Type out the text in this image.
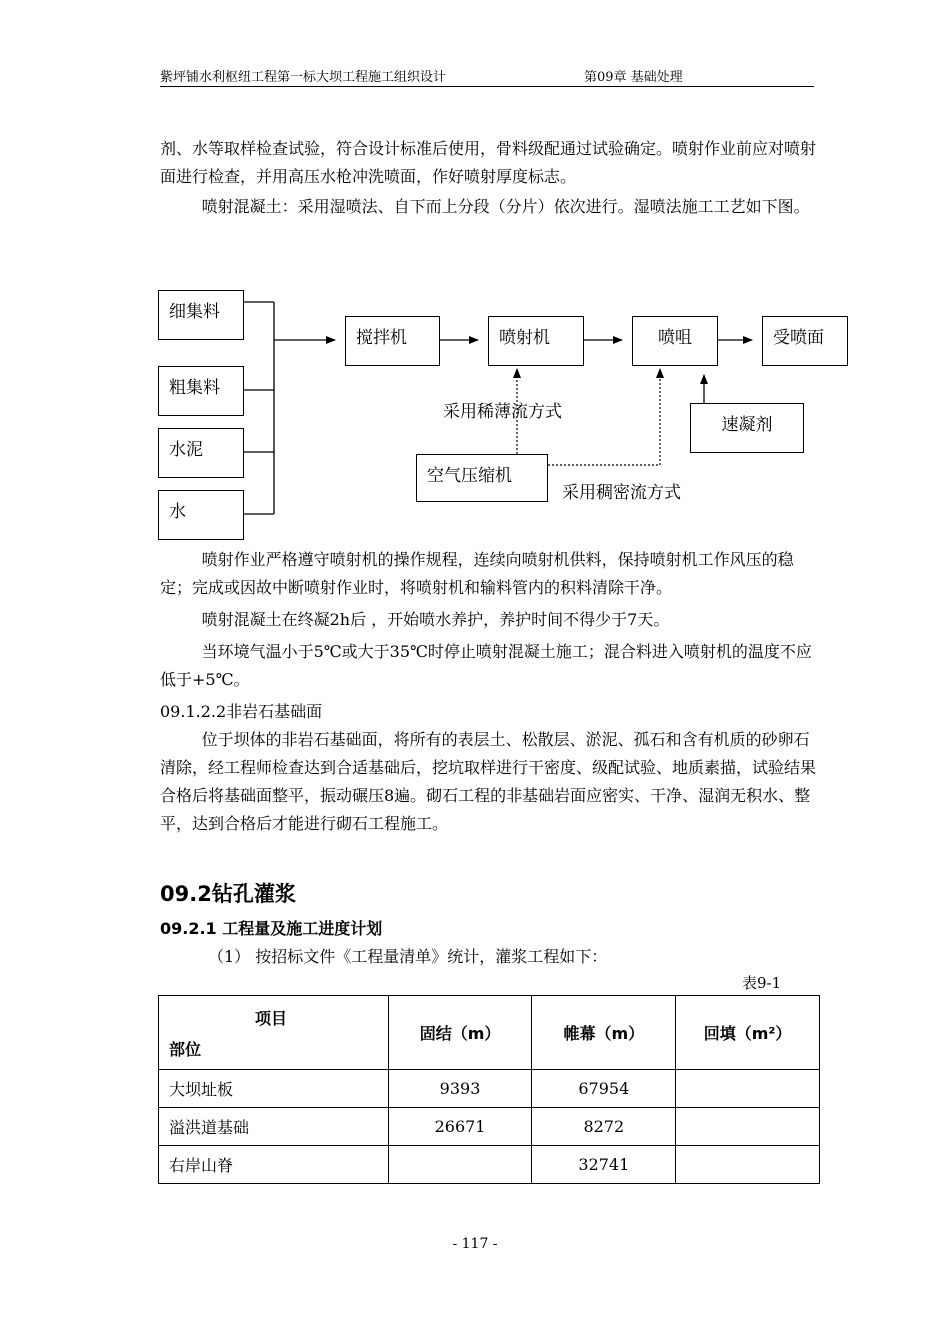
紫坪铺水利枢纽工程第一标大坝工程施工组织设计	第09章 基础处理

剂、水等取样检查试验，符合设计标准后使用，骨料级配通过试验确定。喷射作业前应对喷射面进行检查，并用高压水枪冲洗喷面，作好喷射厚度标志。

喷射混凝土：采用湿喷法、自下而上分段（分片）依次进行。湿喷法施工工艺如下图。

细集料
粗集料
水泥
水
搅拌机	喷射机	喷咀	受喷面
速凝剂
空气压缩机
采用稀薄流方式
采用稠密流方式

喷射作业严格遵守喷射机的操作规程，连续向喷射机供料，保持喷射机工作风压的稳定；完成或因故中断喷射作业时，将喷射机和输料管内的积料清除干净。

喷射混凝土在终凝2h后 ，开始喷水养护，养护时间不得少于7天。

当环境气温小于5℃或大于35℃时停止喷射混凝土施工；混合料进入喷射机的温度不应低于+5℃。

09.1.2.2非岩石基础面

位于坝体的非岩石基础面，将所有的表层土、松散层、淤泥、孤石和含有机质的砂卵石清除，经工程师检查达到合适基础后，挖坑取样进行干密度、级配试验、地质素描，试验结果合格后将基础面整平，振动碾压8遍。砌石工程的非基础岩面应密实、干净、湿润无积水、整平，达到合格后才能进行砌石工程施工。

09.2钻孔灌浆
09.2.1 工程量及施工进度计划
（1） 按招标文件《工程量清单》统计，灌浆工程如下：
表9-1
项目
部位	固结（m）	帷幕（m）	回填（m²）
大坝址板	9393	67954	
溢洪道基础	26671	8272	
右岸山脊		32741	
- 117 -
